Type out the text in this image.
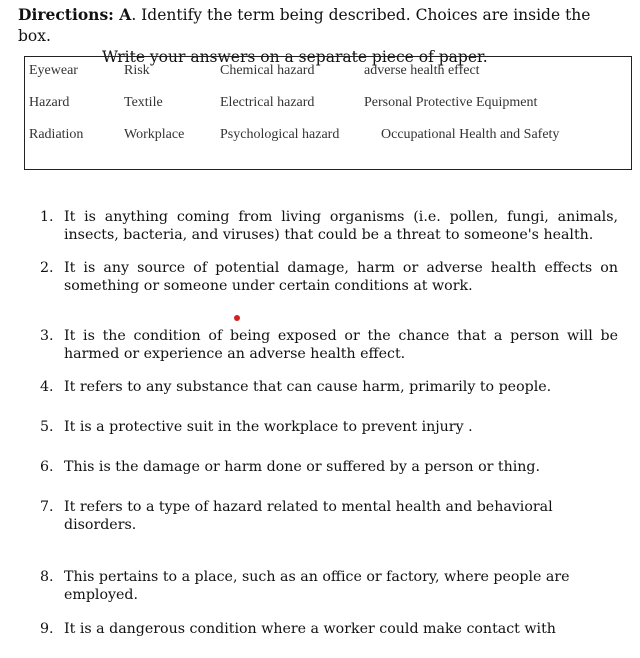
Directions: A. Identify the term being described. Choices are inside the box.
Write your answers on a separate piece of paper.
Eyewear	Risk	Chemical hazard	adverse health effect
Hazard	Textile	Electrical hazard	Personal Protective Equipment
Radiation	Workplace	Psychological hazard	Occupational Health and Safety
1. It is anything coming from living organisms (i.e. pollen, fungi, animals, insects, bacteria, and viruses) that could be a threat to someone's health.
2. It is any source of potential damage, harm or adverse health effects on something or someone under certain conditions at work.
3. It is the condition of being exposed or the chance that a person will be harmed or experience an adverse health effect.
4. It refers to any substance that can cause harm, primarily to people.
5. It is a protective suit in the workplace to prevent injury .
6. This is the damage or harm done or suffered by a person or thing.
7. It refers to a type of hazard related to mental health and behavioral disorders.
8. This pertains to a place, such as an office or factory, where people are employed.
9. It is a dangerous condition where a worker could make contact with
